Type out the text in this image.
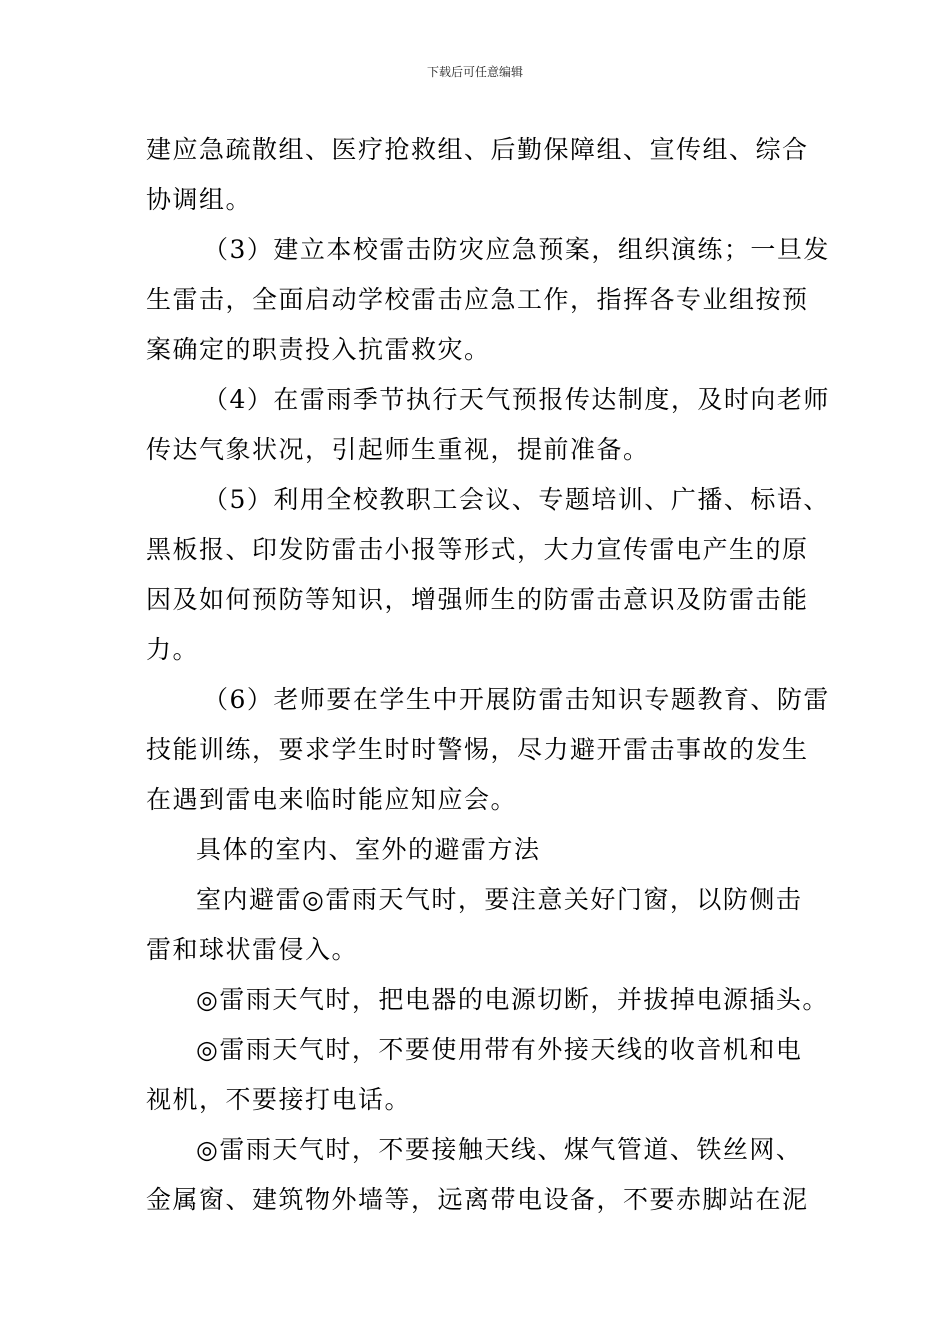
下载后可任意编辑
建应急疏散组、医疗抢救组、后勤保障组、宣传组、综合
协调组。
（3）建立本校雷击防灾应急预案，组织演练；一旦发
生雷击，全面启动学校雷击应急工作，指挥各专业组按预
案确定的职责投入抗雷救灾。
（4）在雷雨季节执行天气预报传达制度，及时向老师
传达气象状况，引起师生重视，提前准备。
（5）利用全校教职工会议、专题培训、广播、标语、
黑板报、印发防雷击小报等形式，大力宣传雷电产生的原
因及如何预防等知识，增强师生的防雷击意识及防雷击能
力。
（6）老师要在学生中开展防雷击知识专题教育、防雷
技能训练，要求学生时时警惕，尽力避开雷击事故的发生
在遇到雷电来临时能应知应会。
具体的室内、室外的避雷方法
室内避雷◎雷雨天气时，要注意关好门窗，以防侧击
雷和球状雷侵入。
◎雷雨天气时，把电器的电源切断，并拔掉电源插头。
◎雷雨天气时，不要使用带有外接天线的收音机和电
视机，不要接打电话。
◎雷雨天气时，不要接触天线、煤气管道、铁丝网、
金属窗、建筑物外墙等，远离带电设备，不要赤脚站在泥
